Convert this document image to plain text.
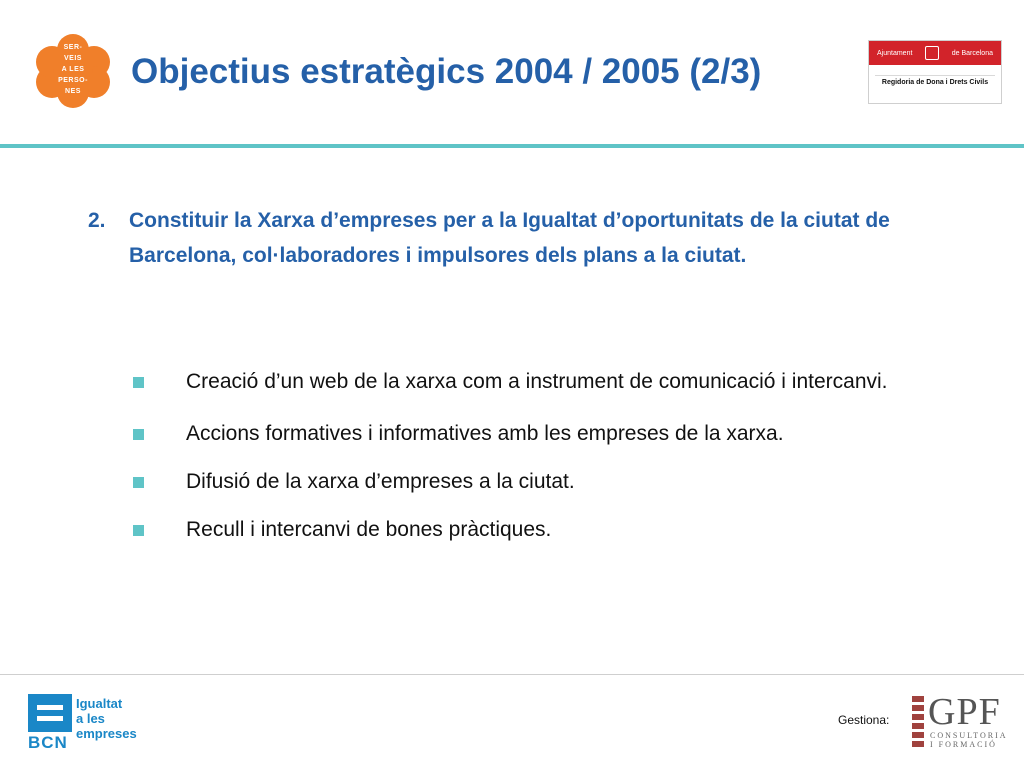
SER-
VEIS
A LES
PERSO-
NES
Objectius estratègics 2004 / 2005 (2/3)	Ajuntament	de Barcelona
Regidoria de Dona i Drets Civils
2. Constituir la Xarxa d’empreses per a la Igualtat d’oportunitats de la ciutat de Barcelona, col·laboradores i impulsores dels plans a la ciutat.
Creació d’un web de la xarxa com a instrument de comunicació i intercanvi.
Accions formatives i informatives amb les empreses de la xarxa.
Difusió de la xarxa d’empreses a la ciutat.
Recull i intercanvi de bones pràctiques.
BCN
Igualtat
a les
empreses
Gestiona: GPF
CONSULTORIA
I FORMACIÓ
